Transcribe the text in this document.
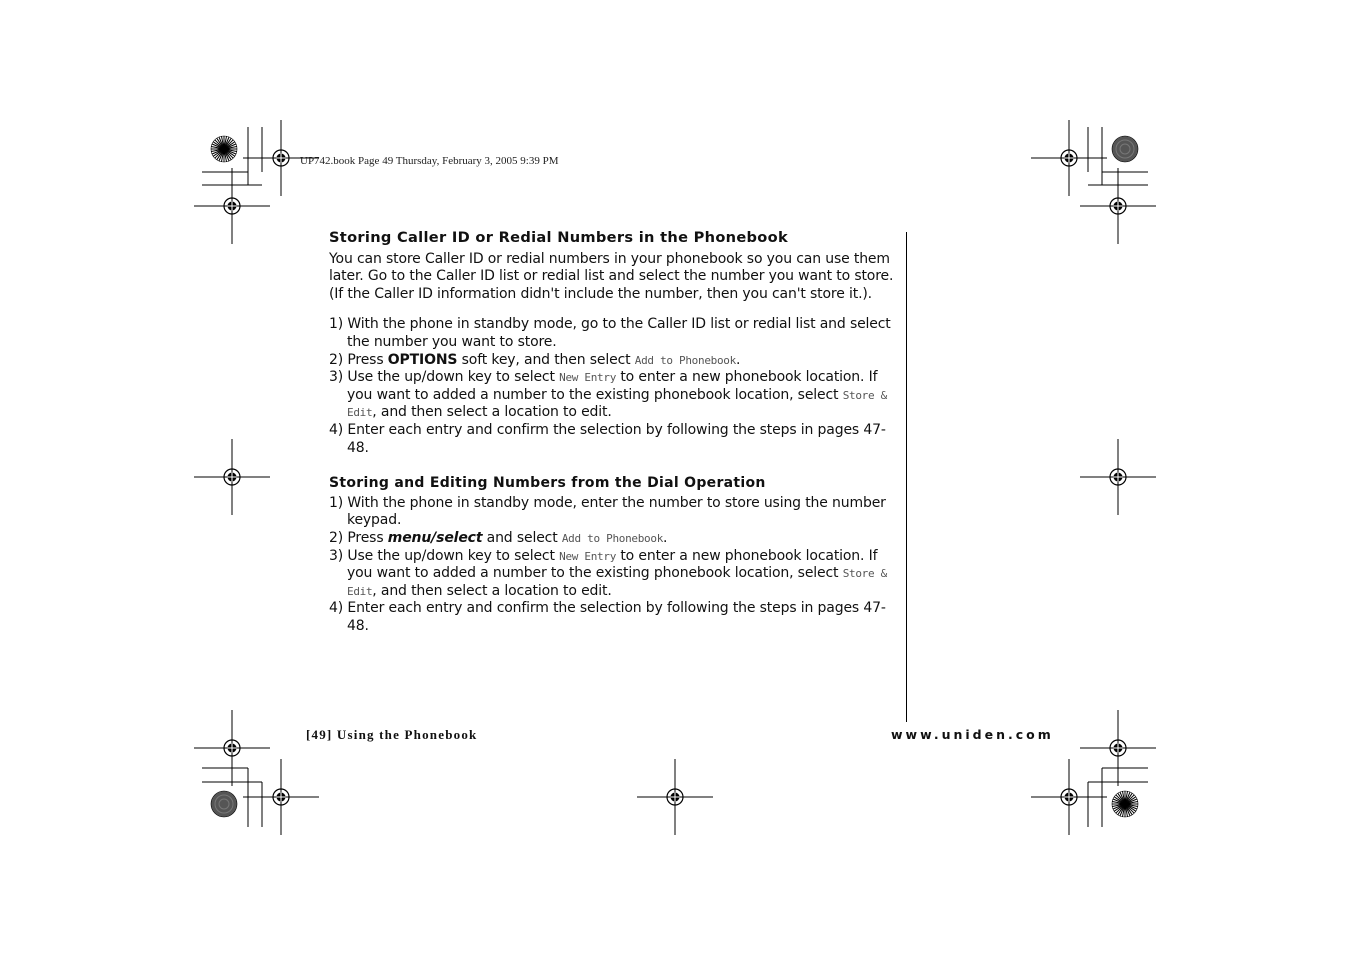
UP742.book Page 49 Thursday, February 3, 2005 9:39 PM
Storing Caller ID or Redial Numbers in the Phonebook

You can store Caller ID or redial numbers in your phonebook so you can use them later. Go to the Caller ID list or redial list and select the number you want to store. (If the Caller ID information didn't include the number, then you can't store it.).

1) With the phone in standby mode, go to the Caller ID list or redial list and select the number you want to store.
2) Press OPTIONS soft key, and then select Add to Phonebook.
3) Use the up/down key to select New Entry to enter a new phonebook location. If you want to added a number to the existing phonebook location, select Store & Edit, and then select a location to edit.
4) Enter each entry and confirm the selection by following the steps in pages 47-48.
Storing and Editing Numbers from the Dial Operation
1) With the phone in standby mode, enter the number to store using the number keypad.
2) Press menu/select and select Add to Phonebook.
3) Use the up/down key to select New Entry to enter a new phonebook location. If you want to added a number to the existing phonebook location, select Store & Edit, and then select a location to edit.
4) Enter each entry and confirm the selection by following the steps in pages 47-48.
[49] Using the Phonebook	www.uniden.com
